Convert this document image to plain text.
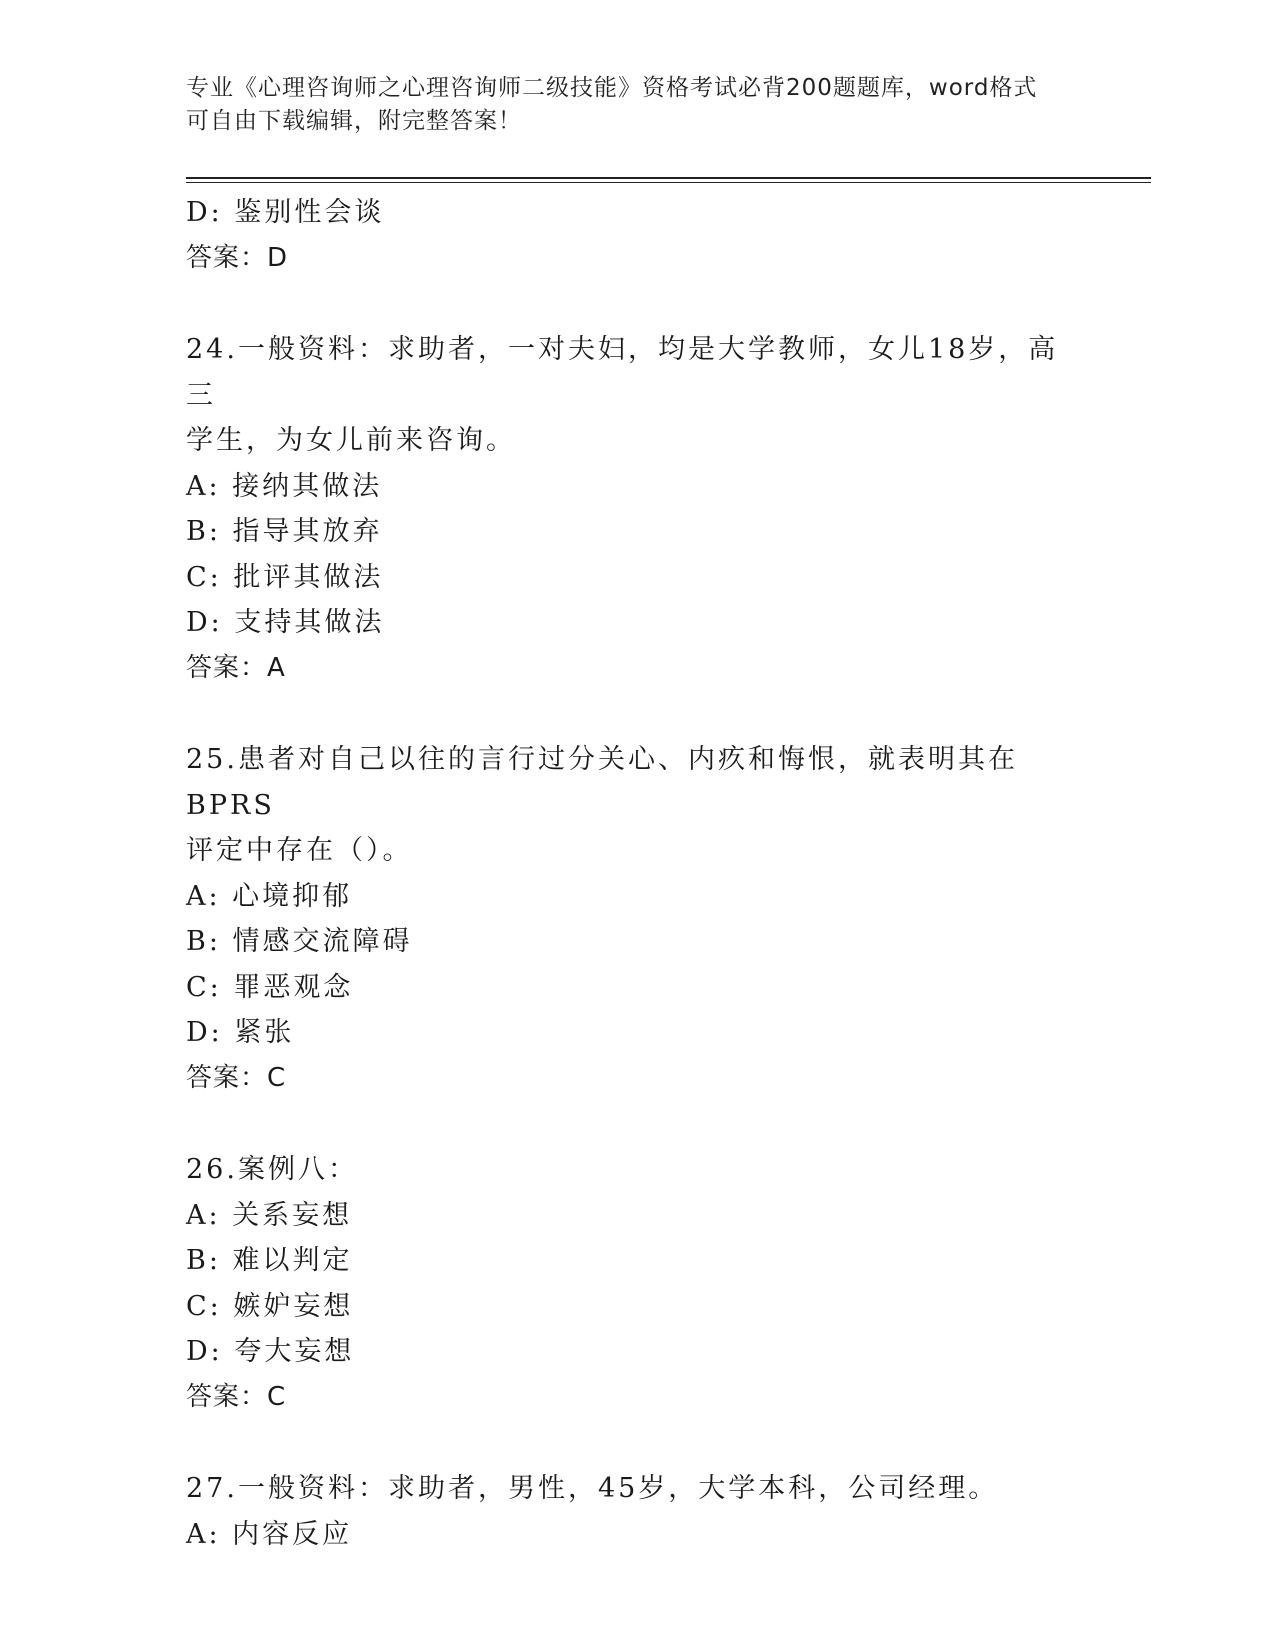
专业《心理咨询师之心理咨询师二级技能》资格考试必背200题题库，word格式
可自由下载编辑，附完整答案！
D: 鉴别性会谈
答案：D
24.一般资料：求助者，一对夫妇，均是大学教师，女儿18岁，高三
学生，为女儿前来咨询。
A: 接纳其做法
B: 指导其放弃
C: 批评其做法
D: 支持其做法
答案：A
25.患者对自己以往的言行过分关心、内疚和悔恨，就表明其在BPRS
评定中存在（）。
A: 心境抑郁
B: 情感交流障碍
C: 罪恶观念
D: 紧张
答案：C
26.案例八：
A: 关系妄想
B: 难以判定
C: 嫉妒妄想
D: 夸大妄想
答案：C
27.一般资料：求助者，男性，45岁，大学本科，公司经理。
A: 内容反应
